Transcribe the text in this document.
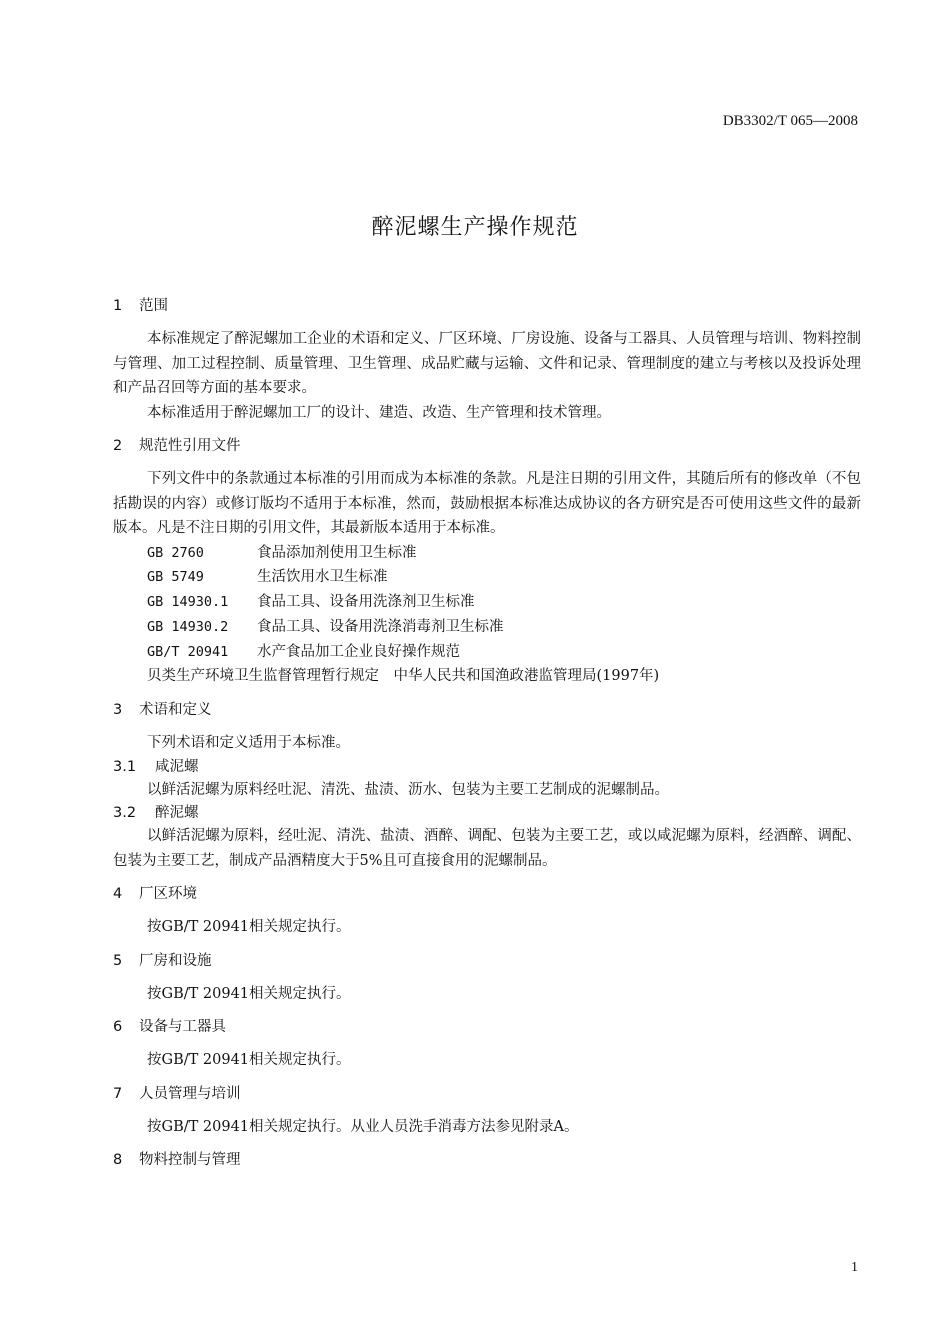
DB3302/T 065—2008
醉泥螺生产操作规范
1 范围
本标准规定了醉泥螺加工企业的术语和定义、厂区环境、厂房设施、设备与工器具、人员管理与培训、物料控制与管理、加工过程控制、质量管理、卫生管理、成品贮藏与运输、文件和记录、管理制度的建立与考核以及投诉处理和产品召回等方面的基本要求。
本标准适用于醉泥螺加工厂的设计、建造、改造、生产管理和技术管理。
2 规范性引用文件
下列文件中的条款通过本标准的引用而成为本标准的条款。凡是注日期的引用文件，其随后所有的修改单（不包括勘误的内容）或修订版均不适用于本标准，然而，鼓励根据本标准达成协议的各方研究是否可使用这些文件的最新版本。凡是不注日期的引用文件，其最新版本适用于本标准。
GB 2760	食品添加剂使用卫生标准
GB 5749	生活饮用水卫生标准
GB 14930.1 食品工具、设备用洗涤剂卫生标准
GB 14930.2 食品工具、设备用洗涤消毒剂卫生标准
GB/T 20941 水产食品加工企业良好操作规范
贝类生产环境卫生监督管理暂行规定　中华人民共和国渔政港监管理局(1997年)
3 术语和定义
下列术语和定义适用于本标准。
3.1 咸泥螺
以鲜活泥螺为原料经吐泥、清洗、盐渍、沥水、包装为主要工艺制成的泥螺制品。
3.2 醉泥螺
以鲜活泥螺为原料，经吐泥、清洗、盐渍、酒醉、调配、包装为主要工艺，或以咸泥螺为原料，经酒醉、调配、包装为主要工艺，制成产品酒精度大于5%且可直接食用的泥螺制品。
4 厂区环境
按GB/T 20941相关规定执行。
5 厂房和设施
按GB/T 20941相关规定执行。
6 设备与工器具
按GB/T 20941相关规定执行。
7 人员管理与培训
按GB/T 20941相关规定执行。从业人员洗手消毒方法参见附录A。
8 物料控制与管理
1
